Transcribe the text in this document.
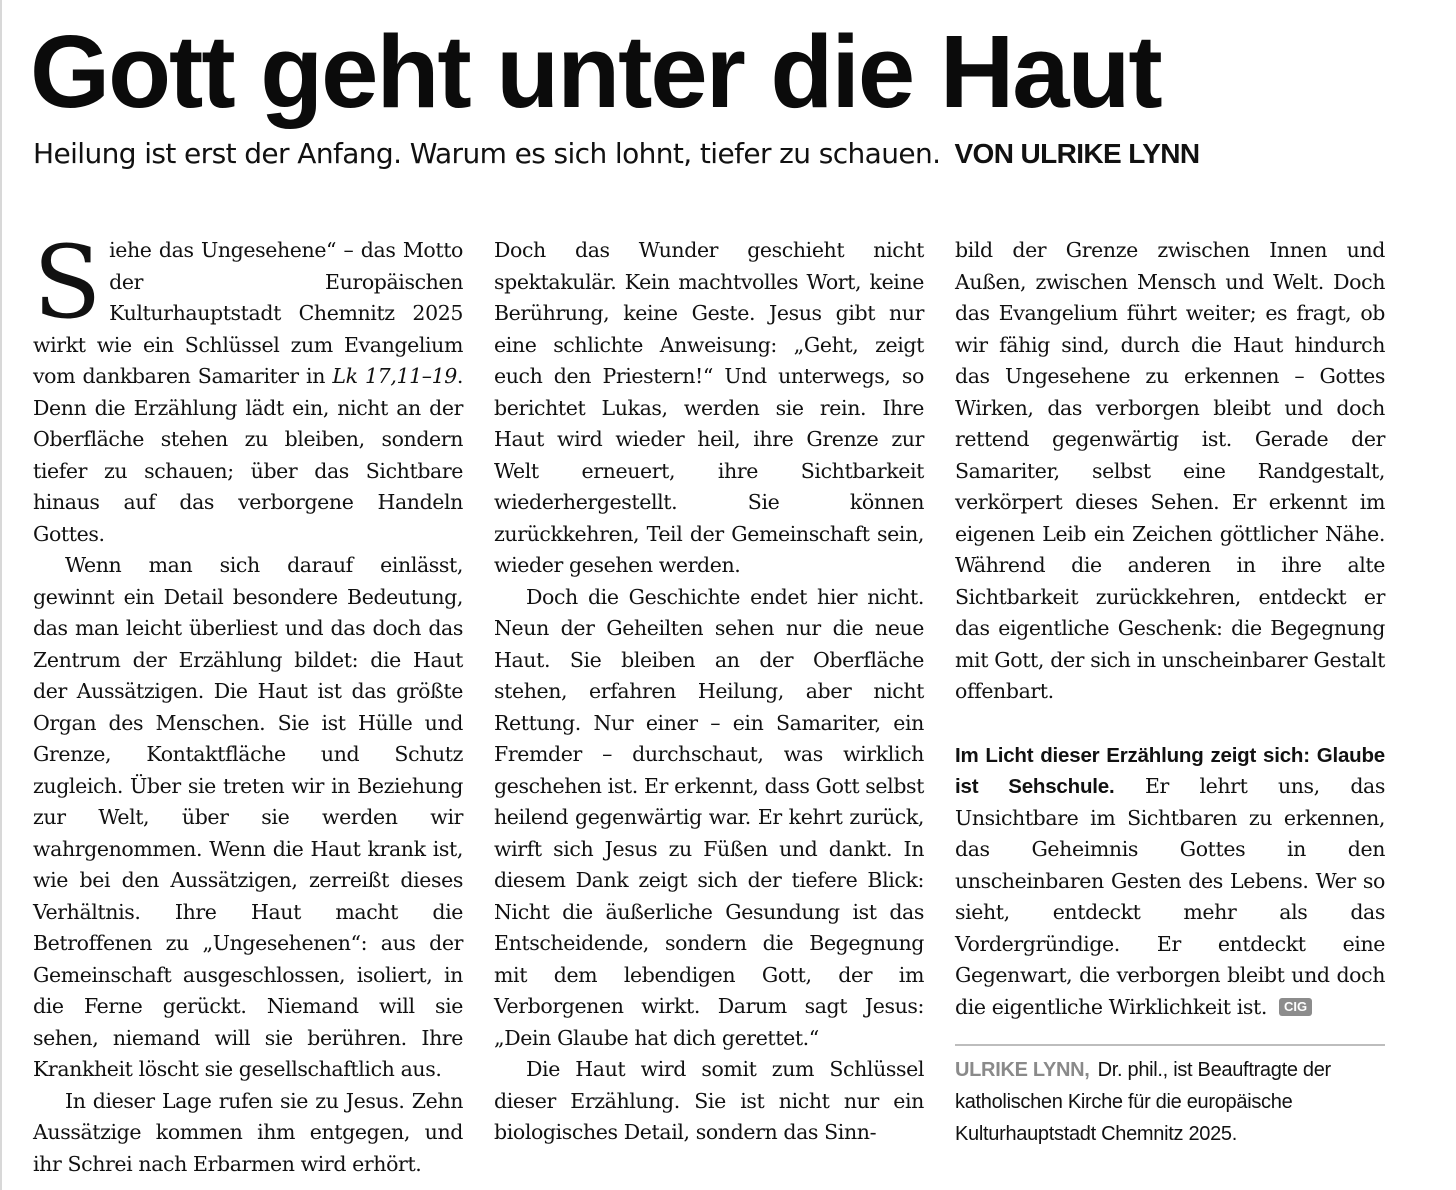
Gott geht unter die Haut
Heilung ist erst der Anfang. Warum es sich lohnt, tiefer zu schauen. VON ULRIKE LYNN

Siehe das Ungesehene“ – das Motto der Europäischen Kulturhauptstadt Chemnitz 2025 wirkt wie ein Schlüssel zum Evangelium vom dankbaren Samariter in Lk 17,11–19. Denn die Erzählung lädt ein, nicht an der Oberfläche stehen zu bleiben, sondern tiefer zu schauen; über das Sichtbare hinaus auf das verborgene Handeln Gottes.

Wenn man sich darauf einlässt, gewinnt ein Detail besondere Bedeutung, das man leicht überliest und das doch das Zentrum der Erzählung bildet: die Haut der Aussätzigen. Die Haut ist das größte Organ des Menschen. Sie ist Hülle und Grenze, Kontaktfläche und Schutz zugleich. Über sie treten wir in Beziehung zur Welt, über sie werden wir wahrgenommen. Wenn die Haut krank ist, wie bei den Aussätzigen, zerreißt dieses Verhältnis. Ihre Haut macht die Betroffenen zu „Ungesehenen“: aus der Gemeinschaft ausgeschlossen, isoliert, in die Ferne gerückt. Niemand will sie sehen, niemand will sie berühren. Ihre Krankheit löscht sie gesellschaftlich aus.

In dieser Lage rufen sie zu Jesus. Zehn Aussätzige kommen ihm entgegen, und ihr Schrei nach Erbarmen wird erhört.

Doch das Wunder geschieht nicht spektakulär. Kein machtvolles Wort, keine Berührung, keine Geste. Jesus gibt nur eine schlichte Anweisung: „Geht, zeigt euch den Priestern!“ Und unterwegs, so berichtet Lukas, werden sie rein. Ihre Haut wird wieder heil, ihre Grenze zur Welt erneuert, ihre Sichtbarkeit wiederhergestellt. Sie können zurückkehren, Teil der Gemeinschaft sein, wieder gesehen werden.

Doch die Geschichte endet hier nicht. Neun der Geheilten sehen nur die neue Haut. Sie bleiben an der Oberfläche stehen, erfahren Heilung, aber nicht Rettung. Nur einer – ein Samariter, ein Fremder – durchschaut, was wirklich geschehen ist. Er erkennt, dass Gott selbst heilend gegenwärtig war. Er kehrt zurück, wirft sich Jesus zu Füßen und dankt. In diesem Dank zeigt sich der tiefere Blick: Nicht die äußerliche Gesundung ist das Entscheidende, sondern die Begegnung mit dem lebendigen Gott, der im Verborgenen wirkt. Darum sagt Jesus: „Dein Glaube hat dich gerettet.“

Die Haut wird somit zum Schlüssel dieser Erzählung. Sie ist nicht nur ein biologisches Detail, sondern das Sinn-

bild der Grenze zwischen Innen und Außen, zwischen Mensch und Welt. Doch das Evangelium führt weiter; es fragt, ob wir fähig sind, durch die Haut hindurch das Ungesehene zu erkennen – Gottes Wirken, das verborgen bleibt und doch rettend gegenwärtig ist. Gerade der Samariter, selbst eine Randgestalt, verkörpert dieses Sehen. Er erkennt im eigenen Leib ein Zeichen göttlicher Nähe. Während die anderen in ihre alte Sichtbarkeit zurückkehren, entdeckt er das eigentliche Geschenk: die Begegnung mit Gott, der sich in unscheinbarer Gestalt offenbart.

Im Licht dieser Erzählung zeigt sich: Glaube ist Sehschule. Er lehrt uns, das Unsichtbare im Sichtbaren zu erkennen, das Geheimnis Gottes in den unscheinbaren Gesten des Lebens. Wer so sieht, entdeckt mehr als das Vordergründige. Er entdeckt eine Gegenwart, die verborgen bleibt und doch die eigentliche Wirklichkeit ist. CIG

ULRIKE LYNN, Dr. phil., ist Beauftragte der katholischen Kirche für die europäische Kulturhauptstadt Chemnitz 2025.
